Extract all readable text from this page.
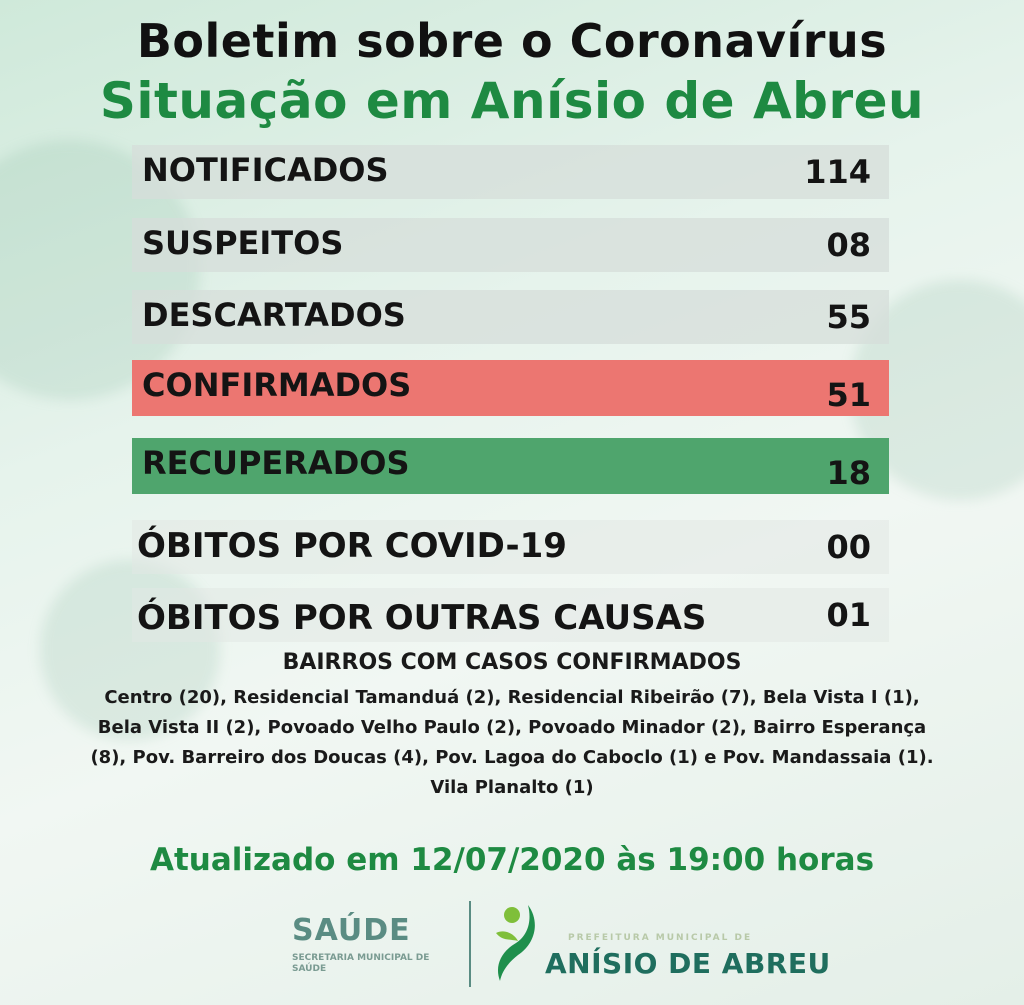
Boletim sobre o Coronavírus
Situação em Anísio de Abreu
NOTIFICADOS	114
SUSPEITOS	08
DESCARTADOS	55
CONFIRMADOS	51
RECUPERADOS	18
ÓBITOS POR COVID-19	00
ÓBITOS POR OUTRAS CAUSAS	01
BAIRROS COM CASOS CONFIRMADOS
Centro (20), Residencial Tamanduá (2), Residencial Ribeirão (7), Bela Vista I (1),
Bela Vista II (2), Povoado Velho Paulo (2), Povoado Minador (2), Bairro Esperança
(8), Pov. Barreiro dos Doucas (4), Pov. Lagoa do Caboclo (1) e Pov. Mandassaia (1).
Vila Planalto (1)
Atualizado em 12/07/2020 às 19:00 horas
SAÚDE
SECRETARIA MUNICIPAL DE SAÚDE
PREFEITURA MUNICIPAL DE
ANÍSIO DE ABREU
